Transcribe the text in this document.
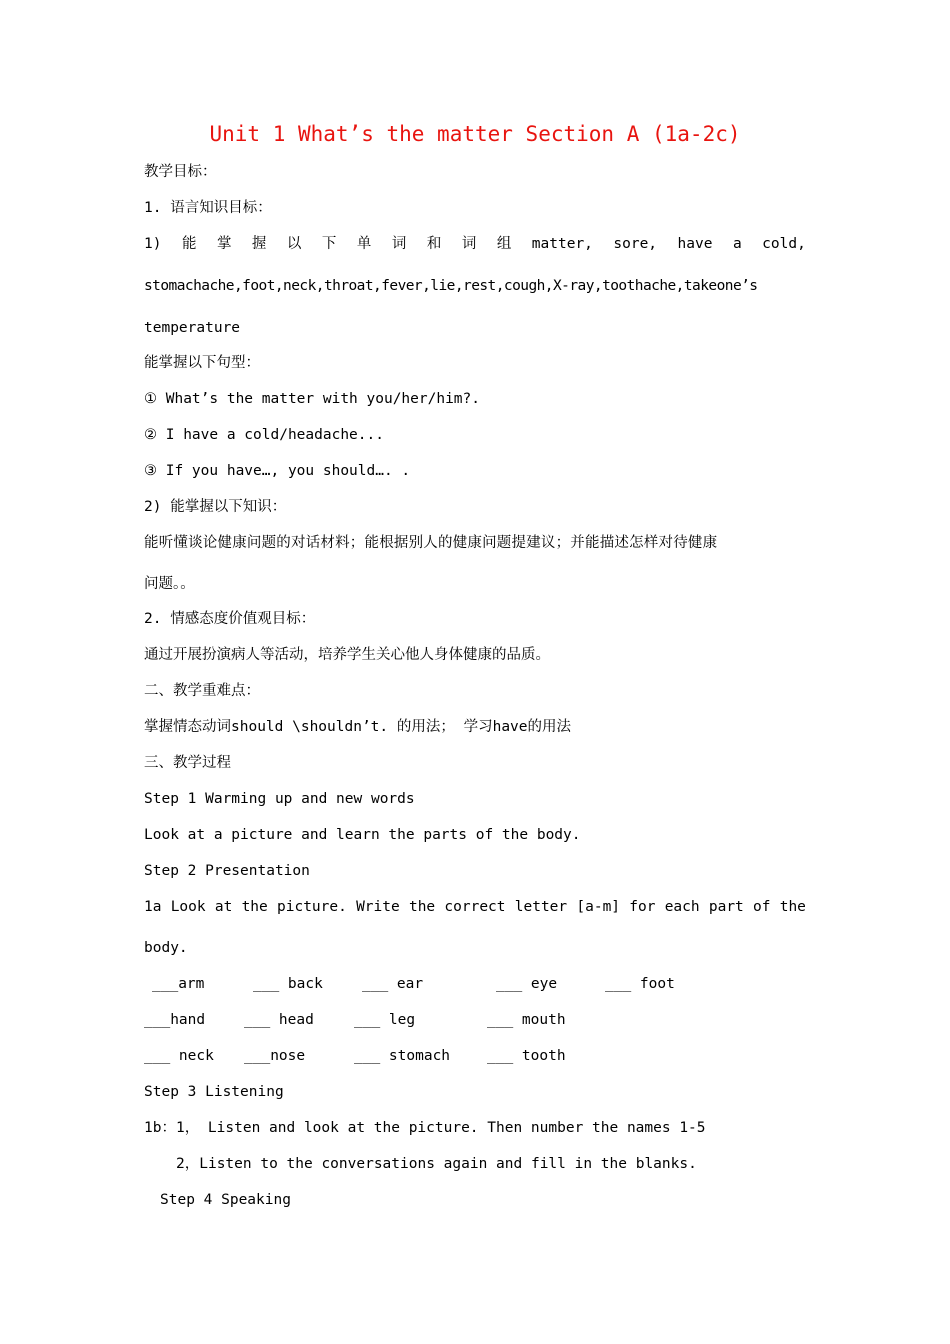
Unit 1 What’s the matter Section A (1a-2c)
教学目标：
1. 语言知识目标：
1) 能 掌 握 以 下 单 词 和 词 组 matter, sore, have a cold,
stomachache,foot,neck,throat,fever,lie,rest,cough,X-ray,toothache,takeone’s
temperature
能掌握以下句型：
① What’s the matter with you/her/him?.
② I have a cold/headache...
③ If you have…, you should…. .
2) 能掌握以下知识：
能听懂谈论健康问题的对话材料；能根据别人的健康问题提建议；并能描述怎样对待健康
问题。。
2. 情感态度价值观目标：
通过开展扮演病人等活动，培养学生关心他人身体健康的品质。
二、教学重难点：
掌握情态动词should \shouldn’t. 的用法； 学习have的用法
三、教学过程
Step 1 Warming up and new words
Look at a picture and learn the parts of the body.
Step 2 Presentation
1a Look at the picture. Write the correct letter [a-m] for each part of the
body.
___arm	___ back	___ ear	___ eye	___ foot
___hand	___ head	___ leg	___ mouth
___ neck ___nose	___ stomach	___ tooth
Step 3 Listening
1b：1， Listen and look at the picture. Then number the names 1-5
2，Listen to the conversations again and fill in the blanks.
Step 4 Speaking
